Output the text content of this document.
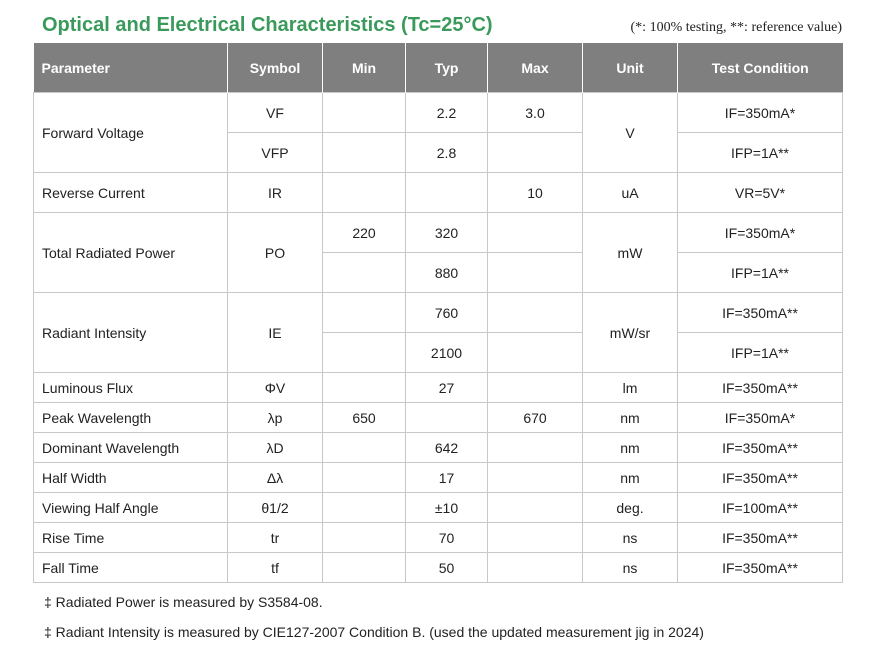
Optical and Electrical Characteristics (Tc=25°C)	(*: 100% testing, **: reference value)
Parameter	Symbol	Min	Typ	Max	Unit	Test Condition
Forward Voltage	VF		2.2	3.0	V	IF=350mA*
	VFP		2.8			IFP=1A**
Reverse Current	IR			10	uA	VR=5V*
Total Radiated Power	PO	220	320		mW	IF=350mA*
			880			IFP=1A**
Radiant Intensity	IE		760		mW/sr	IF=350mA**
			2100			IFP=1A**
Luminous Flux	ΦV		27		lm	IF=350mA**
Peak Wavelength	λp	650		670	nm	IF=350mA*
Dominant Wavelength	λD		642		nm	IF=350mA**
Half Width	Δλ		17		nm	IF=350mA**
Viewing Half Angle	θ1/2		±10		deg.	IF=100mA**
Rise Time	tr		70		ns	IF=350mA**
Fall Time	tf		50		ns	IF=350mA**
‡ Radiated Power is measured by S3584-08.
‡ Radiant Intensity is measured by CIE127-2007 Condition B. (used the updated measurement jig in 2024)
